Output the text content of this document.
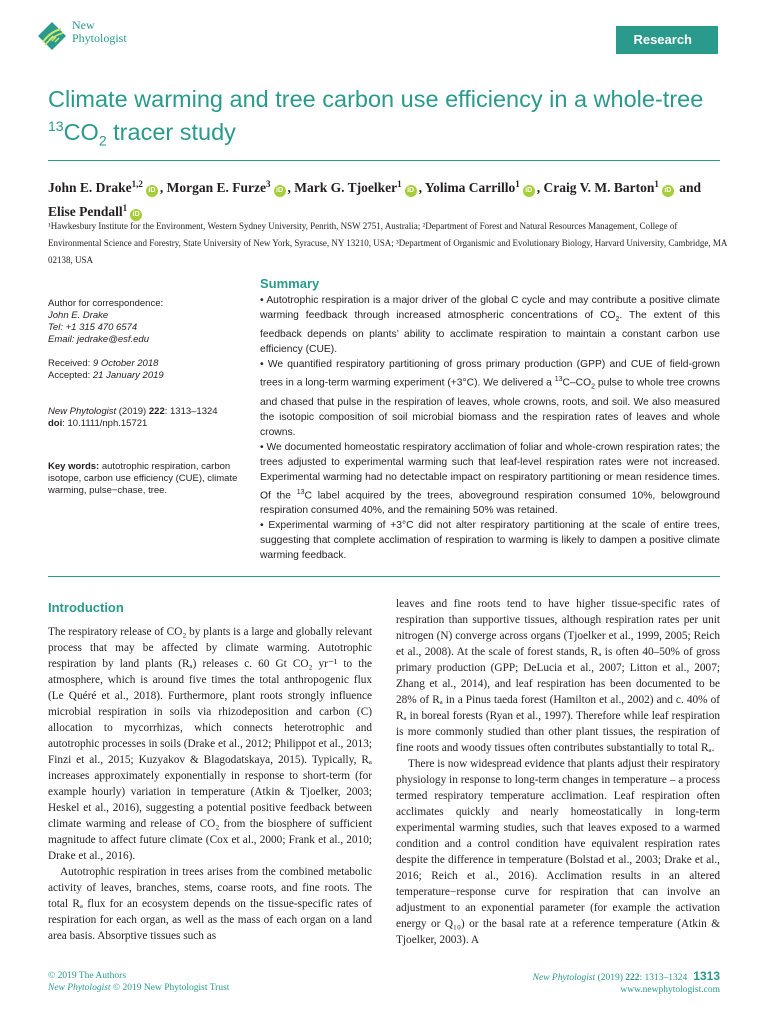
New
Phytologist	Research
Climate warming and tree carbon use efficiency in a whole-tree
$^{13}CO_2$ tracer study
John E. Drake$^{1,2}$iD , Morgan E. Furze$^3$iD , Mark G. Tjoelker$^1$iD , Yolima Carrillo$^1$iD , Craig V. M. Barton$^1$iD and Elise Pendall$^1$iD
¹Hawkesbury Institute for the Environment, Western Sydney University, Penrith, NSW 2751, Australia; ²Department of Forest and Natural Resources Management, College of Environmental Science and Forestry, State University of New York, Syracuse, NY 13210, USA; ³Department of Organismic and Evolutionary Biology, Harvard University, Cambridge, MA 02138, USA
Author for correspondence:
John E. Drake
Tel: +1 315 470 6574
Email: jedrake@esf.edu
Received: 9 October 2018
Accepted: 21 January 2019
New Phytologist (2019) 222: 1313–1324
doi: 10.1111/nph.15721
Key words: autotrophic respiration, carbon isotope, carbon use efficiency (CUE), climate warming, pulse−chase, tree.
Summary

• Autotrophic respiration is a major driver of the global C cycle and may contribute a positive climate warming feedback through increased atmospheric concentrations of $CO_2$. The extent of this feedback depends on plants’ ability to acclimate respiration to maintain a constant carbon use efficiency (CUE).

• We quantified respiratory partitioning of gross primary production (GPP) and CUE of field-grown trees in a long-term warming experiment (+3°C). We delivered a $^{13}C-CO_2$ pulse to whole tree crowns and chased that pulse in the respiration of leaves, whole crowns, roots, and soil. We also measured the isotopic composition of soil microbial biomass and the respiration rates of leaves and whole crowns.

• We documented homeostatic respiratory acclimation of foliar and whole-crown respiration rates; the trees adjusted to experimental warming such that leaf-level respiration rates were not increased. Experimental warming had no detectable impact on respiratory partitioning or mean residence times. Of the $^{13}$C label acquired by the trees, aboveground respiration consumed 10%, belowground respiration consumed 40%, and the remaining 50% was retained.

• Experimental warming of +3°C did not alter respiratory partitioning at the scale of entire trees, suggesting that complete acclimation of respiration to warming is likely to dampen a positive climate warming feedback.

Introduction

The respiratory release of CO₂ by plants is a large and globally relevant process that may be affected by climate warming. Autotrophic respiration by land plants (Rₐ) releases c. 60 Gt CO₂ yr⁻¹ to the atmosphere, which is around five times the total anthropogenic flux (Le Quéré et al., 2018). Furthermore, plant roots strongly influence microbial respiration in soils via rhizodeposition and carbon (C) allocation to mycorrhizas, which connects heterotrophic and autotrophic processes in soils (Drake et al., 2012; Philippot et al., 2013; Finzi et al., 2015; Kuzyakov & Blagodatskaya, 2015). Typically, Rₐ increases approximately exponentially in response to short-term (for example hourly) variation in temperature (Atkin & Tjoelker, 2003; Heskel et al., 2016), suggesting a potential positive feedback between climate warming and release of CO₂ from the biosphere of sufficient magnitude to affect future climate (Cox et al., 2000; Frank et al., 2010; Drake et al., 2016).

Autotrophic respiration in trees arises from the combined metabolic activity of leaves, branches, stems, coarse roots, and fine roots. The total Rₐ flux for an ecosystem depends on the tissue-specific rates of respiration for each organ, as well as the mass of each organ on a land area basis. Absorptive tissues such as

leaves and fine roots tend to have higher tissue-specific rates of respiration than supportive tissues, although respiration rates per unit nitrogen (N) converge across organs (Tjoelker et al., 1999, 2005; Reich et al., 2008). At the scale of forest stands, Rₐ is often 40–50% of gross primary production (GPP; DeLucia et al., 2007; Litton et al., 2007; Zhang et al., 2014), and leaf respiration has been documented to be 28% of Rₐ in a Pinus taeda forest (Hamilton et al., 2002) and c. 40% of Rₐ in boreal forests (Ryan et al., 1997). Therefore while leaf respiration is more commonly studied than other plant tissues, the respiration of fine roots and woody tissues often contributes substantially to total Rₐ.

There is now widespread evidence that plants adjust their respiratory physiology in response to long-term changes in temperature – a process termed respiratory temperature acclimation. Leaf respiration often acclimates quickly and nearly homeostatically in long-term experimental warming studies, such that leaves exposed to a warmed condition and a control condition have equivalent respiration rates despite the difference in temperature (Bolstad et al., 2003; Drake et al., 2016; Reich et al., 2016). Acclimation results in an altered temperature−response curve for respiration that can involve an adjustment to an exponential parameter (for example the activation energy or Q₁₀) or the basal rate at a reference temperature (Atkin & Tjoelker, 2003). A

© 2019 The Authors
New Phytologist © 2019 New Phytologist Trust
New Phytologist (2019) 222: 1313–1324 1313
www.newphytologist.com
